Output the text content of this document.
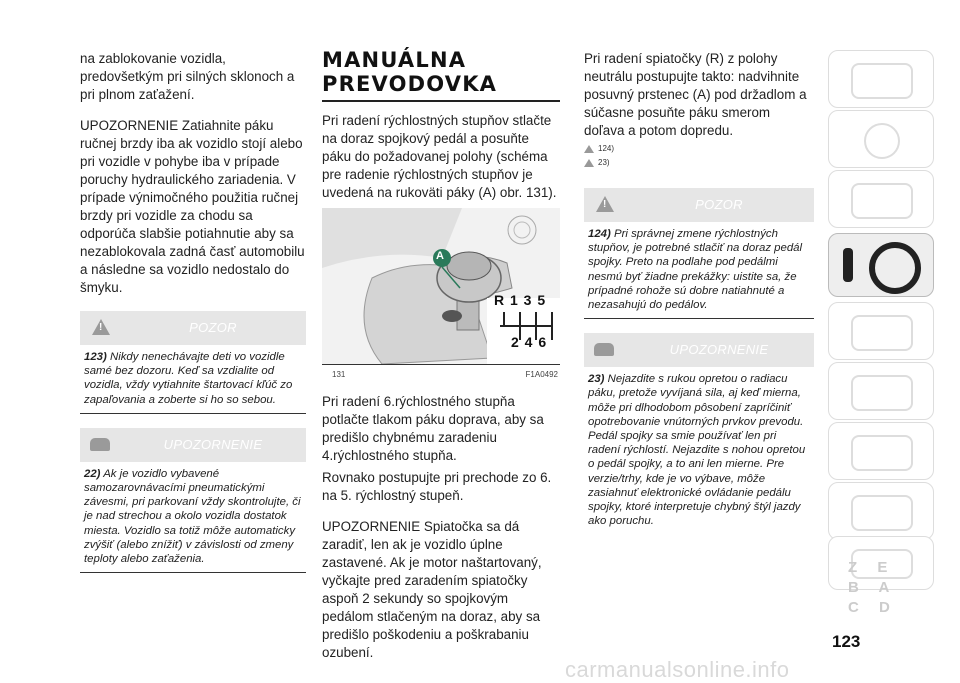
na zablokovanie vozidla, predovšetkým pri silných sklonoch a pri plnom zaťažení.

UPOZORNENIE Zatiahnite páku ručnej brzdy iba ak vozidlo stojí alebo pri vozidle v pohybe iba v prípade poruchy hydraulického zariadenia. V prípade výnimočného použitia ručnej brzdy pri vozidle za chodu sa odporúča slabšie potiahnutie aby sa nezablokovala zadná časť automobilu a následne sa vozidlo nedostalo do šmyku.

!	POZOR
123) Nikdy nenechávajte deti vo vozidle samé bez dozoru. Keď sa vzdialite od vozidla, vždy vytiahnite štartovací kľúč zo zapaľovania a zoberte si ho so sebou.
UPOZORNENIE
22) Ak je vozidlo vybavené samozarovnávacími pneumatickými závesmi, pri parkovaní vždy skontrolujte, či je nad strechou a okolo vozidla dostatok miesta. Vozidlo sa totiž môže automaticky zvýšiť (alebo znížiť) v závislosti od zmeny teploty alebo zaťaženia.
MANUÁLNA
PREVODOVKA

Pri radení rýchlostných stupňov stlačte na doraz spojkový pedál a posuňte páku do požadovanej polohy (schéma pre radenie rýchlostných stupňov je uvedená na rukoväti páky (A) obr. 131).

A
R 1 3 5
2 4 6
131	F1A0492

Pri radení 6.rýchlostného stupňa potlačte tlakom páku doprava, aby sa predišlo chybnému zaradeniu 4.rýchlostného stupňa.

Rovnako postupujte pri prechode zo 6. na 5. rýchlostný stupeň.

UPOZORNENIE Spiatočka sa dá zaradiť, len ak je vozidlo úplne zastavené. Ak je motor naštartovaný, vyčkajte pred zaradením spiatočky aspoň 2 sekundy so spojkovým pedálom stlačeným na doraz, aby sa predišlo poškodeniu a poškrabaniu ozubení.

Pri radení spiatočky (R) z polohy neutrálu postupujte takto: nadvihnite posuvný prstenec (A) pod držadlom a súčasne posuňte páku smerom doľava a potom dopredu.

124)
23)
!	POZOR
124) Pri správnej zmene rýchlostných stupňov, je potrebné stlačiť na doraz pedál spojky. Preto na podlahe pod pedálmi nesmú byť žiadne prekážky: uistite sa, že prípadné rohože sú dobre natiahnuté a nezasahujú do pedálov.
UPOZORNENIE
23) Nejazdite s rukou opretou o radiacu páku, pretože vyvíjaná sila, aj keď mierna, môže pri dlhodobom pôsobení zapríčiniť opotrebovanie vnútorných prvkov prevodu. Pedál spojky sa smie používať len pri radení rýchlostí. Nejazdite s nohou opretou o pedál spojky, a to ani len mierne. Pre verzie/trhy, kde je vo výbave, môže zasiahnuť elektronické ovládanie pedálu spojky, ktoré interpretuje chybný štýl jazdy ako poruchu.
Z E B A C D
123
carmanualsonline.info
